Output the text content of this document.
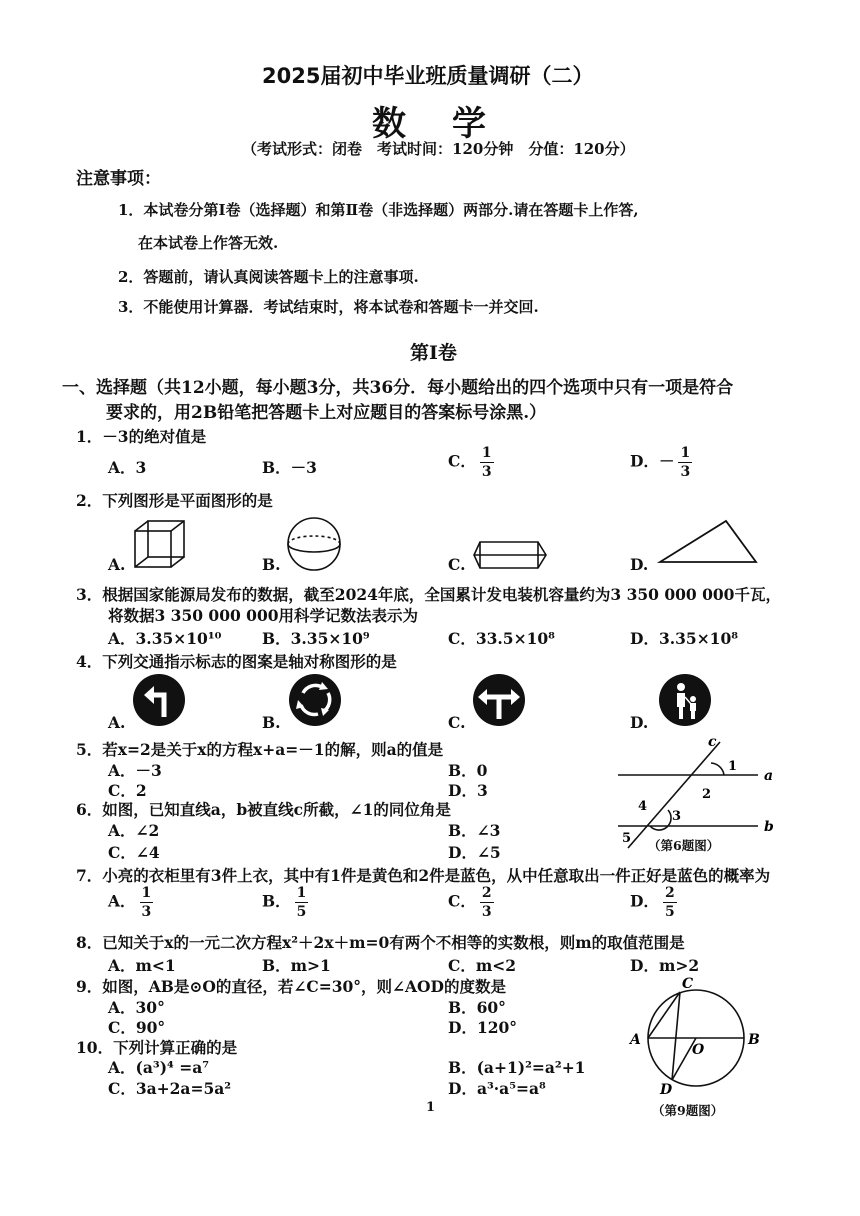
2025届初中毕业班质量调研（二）
数学
（考试形式：闭卷　考试时间：120分钟　分值：120分）
注意事项：
1．本试卷分第Ⅰ卷（选择题）和第Ⅱ卷（非选择题）两部分.请在答题卡上作答,
在本试卷上作答无效.
2．答题前，请认真阅读答题卡上的注意事项.
3．不能使用计算器．考试结束时，将本试卷和答题卡一并交回.
第Ⅰ卷
一、选择题（共12小题，每小题3分，共36分．每小题给出的四个选项中只有一项是符合
要求的，用2B铅笔把答题卡上对应题目的答案标号涂黑.）
1．－3的绝对值是
A．3	B．－3	C． $\frac{1}{3}$	D．－ $\frac{1}{3}$
2．下列图形是平面图形的是
A.	B.	C.	D.
3．根据国家能源局发布的数据，截至2024年底，全国累计发电装机容量约为3 350 000 000千瓦，
将数据3 350 000 000用科学记数法表示为
A．3.35×10¹⁰	B．3.35×10⁹	C．33.5×10⁸	D．3.35×10⁸
4．下列交通指示标志的图案是轴对称图形的是
A.	B.	C.	D.
5．若x=2是关于x的方程x+a=－1的解，则a的值是
A．－3	B．0
C．2	D．3
c
a
b
1
2
3
4
5 （第6题图）
6．如图，已知直线a，b被直线c所截，∠1的同位角是
A．∠2	B．∠3
C．∠4	D．∠5
7．小亮的衣柜里有3件上衣，其中有1件是黄色和2件是蓝色，从中任意取出一件正好是蓝色的概率为
A． $\frac{1}{3}$	B． $\frac{1}{5}$	C． $\frac{2}{3}$	D． $\frac{2}{5}$
8．已知关于x的一元二次方程x²＋2x＋m=0有两个不相等的实数根，则m的取值范围是
A．m<1	B．m>1	C．m<2	D．m>2
9．如图，AB是⊙O的直径，若∠C=30°，则∠AOD的度数是
A．30°	B．60°
C．90°	D．120°
C
A	B
O
D
（第9题图）
10．下列计算正确的是
A．(a³)⁴ =a⁷	B．(a+1)²=a²+1
C．3a+2a=5a²	D．a³·a⁵=a⁸
1
